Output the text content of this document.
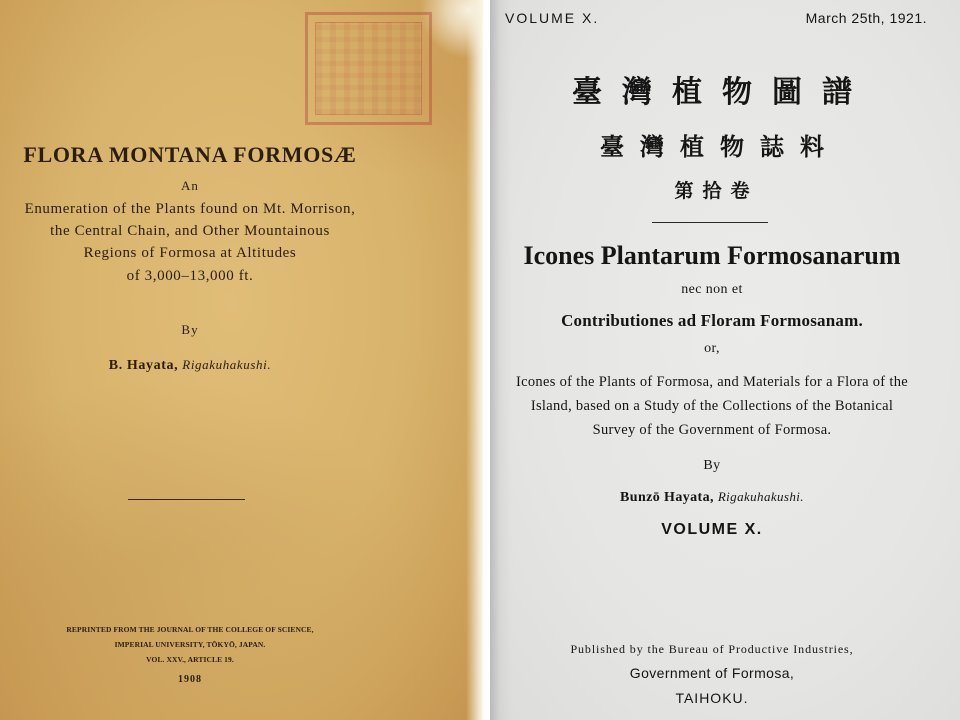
FLORA MONTANA FORMOSÆ
An
Enumeration of the Plants found on Mt. Morrison,
the Central Chain, and Other Mountainous
Regions of Formosa at Altitudes
of 3,000–13,000 ft.
By
B. Hayata, Rigakuhakushi.
REPRINTED FROM THE JOURNAL OF THE COLLEGE OF SCIENCE,
IMPERIAL UNIVERSITY, TŌKYŌ, JAPAN.
VOL. XXV., ARTICLE 19.
1908
VOLUME X.	March 25th, 1921.
臺灣植物圖譜
臺灣植物誌料
第拾卷
Icones Plantarum Formosanarum
nec non et
Contributiones ad Floram Formosanam.
or,
Icones of the Plants of Formosa, and Materials for a Flora of the
Island, based on a Study of the Collections of the Botanical
Survey of the Government of Formosa.
By
Bunzō Hayata, Rigakuhakushi.
VOLUME X.
Published by the Bureau of Productive Industries,
Government of Formosa,
TAIHOKU.
